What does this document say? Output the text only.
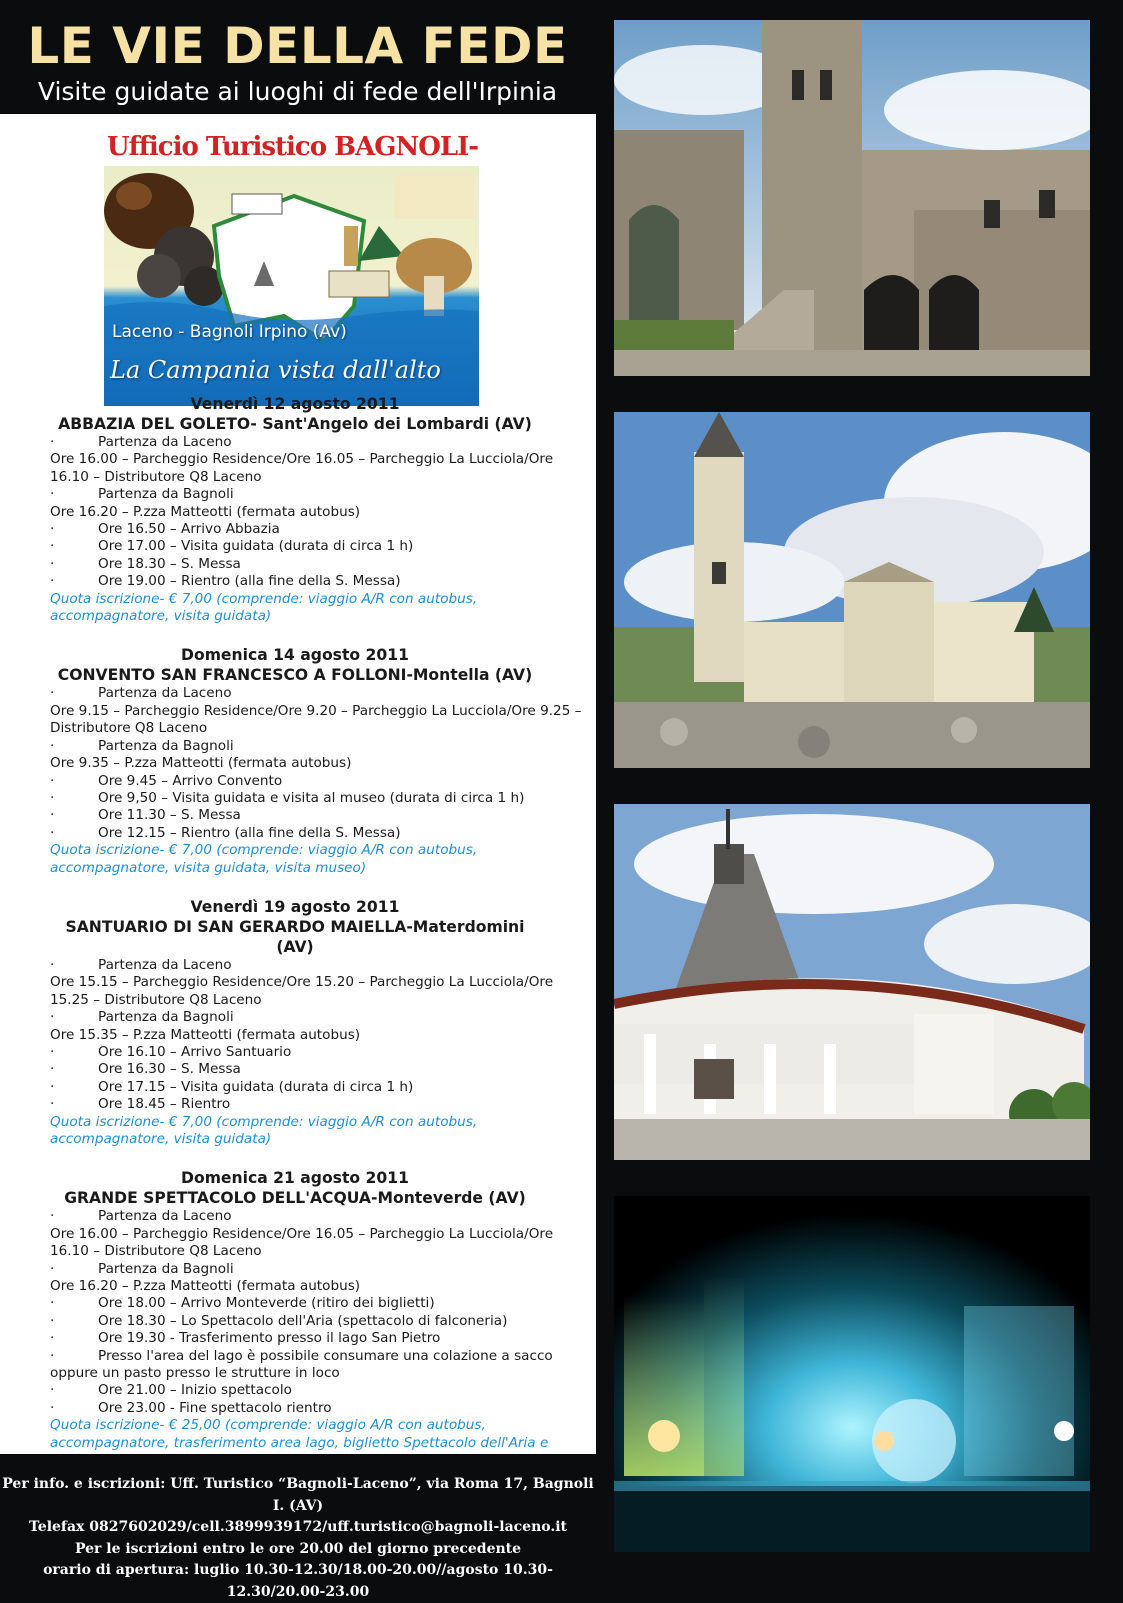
LE VIE DELLA FEDE
Visite guidate ai luoghi di fede dell'Irpinia
Ufficio Turistico BAGNOLI-
Laceno - Bagnoli Irpino (Av)
La Campania vista dall'alto
Venerdì 12 agosto 2011
ABBAZIA DEL GOLETO- Sant'Angelo dei Lombardi (AV)
·	Partenza da Laceno
Ore 16.00 – Parcheggio Residence/Ore 16.05 – Parcheggio La Lucciola/Ore 16.10 – Distributore Q8 Laceno
·	Partenza da Bagnoli
Ore 16.20 – P.zza Matteotti (fermata autobus)
·	Ore 16.50 – Arrivo Abbazia
·	Ore 17.00 – Visita guidata (durata di circa 1 h)
·	Ore 18.30 – S. Messa
·	Ore 19.00 – Rientro (alla fine della S. Messa)
Quota iscrizione- € 7,00 (comprende: viaggio A/R con autobus, accompagnatore, visita guidata)
Domenica 14 agosto 2011
CONVENTO SAN FRANCESCO A FOLLONI-Montella (AV)
·	Partenza da Laceno
Ore 9.15 – Parcheggio Residence/Ore 9.20 – Parcheggio La Lucciola/Ore 9.25 – Distributore Q8 Laceno
·	Partenza da Bagnoli
Ore 9.35 – P.zza Matteotti (fermata autobus)
·	Ore 9.45 – Arrivo Convento
·	Ore 9,50 – Visita guidata e visita al museo (durata di circa 1 h)
·	Ore 11.30 – S. Messa
·	Ore 12.15 – Rientro (alla fine della S. Messa)
Quota iscrizione- € 7,00 (comprende: viaggio A/R con autobus, accompagnatore, visita guidata, visita museo)
Venerdì 19 agosto 2011
SANTUARIO DI SAN GERARDO MAIELLA-Materdomini (AV)
·	Partenza da Laceno
Ore 15.15 – Parcheggio Residence/Ore 15.20 – Parcheggio La Lucciola/Ore 15.25 – Distributore Q8 Laceno
·	Partenza da Bagnoli
Ore 15.35 – P.zza Matteotti (fermata autobus)
·	Ore 16.10 – Arrivo Santuario
·	Ore 16.30 – S. Messa
·	Ore 17.15 – Visita guidata (durata di circa 1 h)
·	Ore 18.45 – Rientro
Quota iscrizione- € 7,00 (comprende: viaggio A/R con autobus, accompagnatore, visita guidata)
Domenica 21 agosto 2011
GRANDE SPETTACOLO DELL'ACQUA-Monteverde (AV)
·	Partenza da Laceno
Ore 16.00 – Parcheggio Residence/Ore 16.05 – Parcheggio La Lucciola/Ore 16.10 – Distributore Q8 Laceno
·	Partenza da Bagnoli
Ore 16.20 – P.zza Matteotti (fermata autobus)
·	Ore 18.00 – Arrivo Monteverde (ritiro dei biglietti)
·	Ore 18.30 – Lo Spettacolo dell'Aria (spettacolo di falconeria)
·	Ore 19.30 - Trasferimento presso il lago San Pietro
·	Presso l'area del lago è possibile consumare una colazione a sacco oppure un pasto presso le strutture in loco
·	Ore 21.00 – Inizio spettacolo
·	Ore 23.00 - Fine spettacolo rientro
Quota iscrizione- € 25,00 (comprende: viaggio A/R con autobus, accompagnatore, trasferimento area lago, biglietto Spettacolo dell'Aria e
Per info. e iscrizioni: Uff. Turistico “Bagnoli-Laceno”, via Roma 17, Bagnoli I. (AV)
Telefax 0827602029/cell.3899939172/uff.turistico@bagnoli-laceno.it
Per le iscrizioni entro le ore 20.00 del giorno precedente
orario di apertura: luglio 10.30-12.30/18.00-20.00//agosto 10.30-12.30/20.00-23.00
